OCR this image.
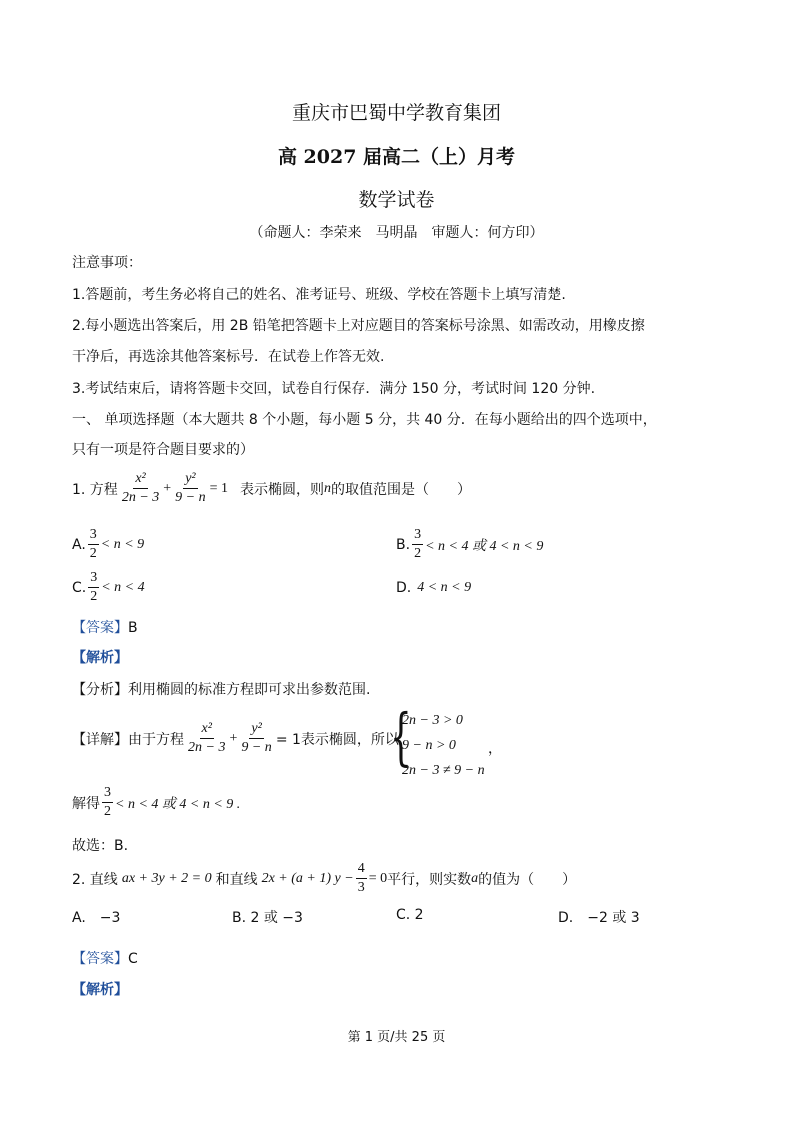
重庆市巴蜀中学教育集团
高 2027 届高二（上）月考
数学试卷
（命题人：李荣来　马明晶　审题人：何方印）
注意事项：
1.答题前，考生务必将自己的姓名、准考证号、班级、学校在答题卡上填写清楚.
2.每小题选出答案后，用 2B 铅笔把答题卡上对应题目的答案标号涂黑、如需改动，用橡皮擦
干净后，再选涂其他答案标号．在试卷上作答无效.
3.考试结束后，请将答题卡交回，试卷自行保存．满分 150 分，考试时间 120 分钟.
一、 单项选择题（本大题共 8 个小题，每小题 5 分，共 40 分．在每小题给出的四个选项中，
只有一项是符合题目要求的）
1. 方程 $\frac{\text{x²}}{2n - 3} + \frac{\text{y²}}{9 - n} = 1$ 表示椭圆，则 n 的取值范围是（　　）
A. $\frac{3}{2} < n < 9$	B. $\frac{3}{2} < n < 4$ 或 4 < n < 9
C. $\frac{3}{2} < n < 4$	D. 4 < n < 9
【答案】B
【解析】
【分析】利用椭圆的标准方程即可求出参数范围.
【详解】 由于方程 $\frac{\text{x²}}{2n - 3} + \frac{\text{y²}}{9 - n} = 1$表示椭圆，所以
{
2n − 3 > 0
9 − n > 0
2n − 3 ≠ 9 − n
，
解得 $\frac{3}{2} < n < 4$ 或 4 < n < 9 .
故选：B.
2. 直线 ax + 3y + 2 = 0 和直线 2x + (a + 1) $y - \frac{4}{3} = 0$ 平行，则实数 a 的值为（　　）
A.　−3	B. 2 或 −3	C. 2	D.　−2 或 3
【答案】C
【解析】
第 1 页/共 25 页
